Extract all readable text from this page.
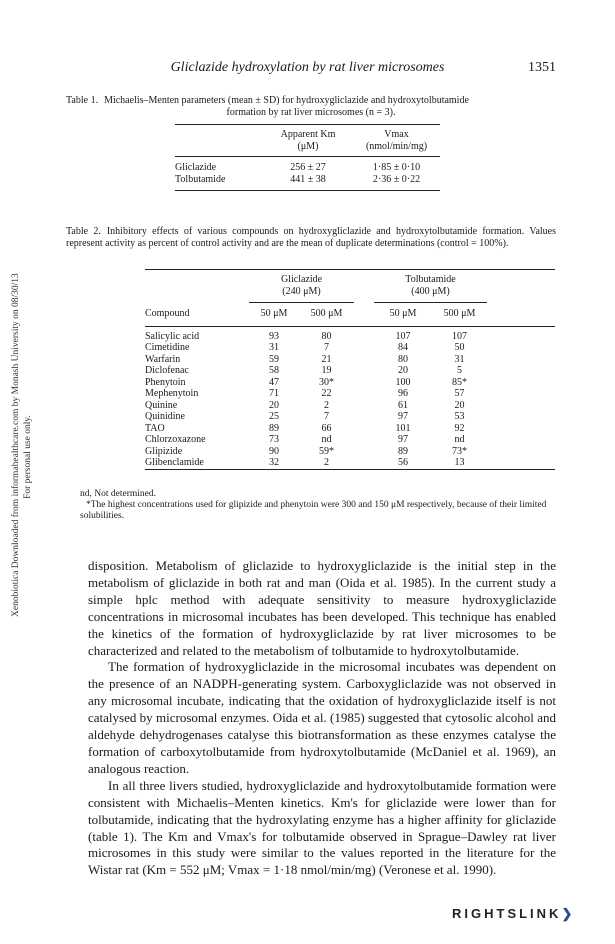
Xenobiotica Downloaded from informahealthcare.com by Monash University on 08/30/13 For personal use only.
Gliclazide hydroxylation by rat liver microsomes	1351
Table 1. Michaelis–Menten parameters (mean ± SD) for hydroxygliclazide and hydroxytolbutamide
formation by rat liver microsomes (n = 3).
	Apparent Km	Vmax
	(μM)	(nmol/min/mg)
Gliclazide	256 ± 27	1·85 ± 0·10
Tolbutamide	441 ± 38	2·36 ± 0·22

Table 2. Inhibitory effects of various compounds on hydroxygliclazide and hydroxytolbutamide formation. Values represent activity as percent of control activity and are the mean of duplicate determinations (control = 100%).
	Gliclazide			Tolbutamide		
	(240 μM)			(400 μM)		

Compound	50 μM	500 μM		50 μM	500 μM	

Salicylic acid	93	80		107	107	
Cimetidine	31	7		84	50	
Warfarin	59	21		80	31	
Diclofenac	58	19		20	5	
Phenytoin	47	30*		100	85*	
Mephenytoin	71	22		96	57	
Quinine	20	2		61	20	
Quinidine	25	7		97	53	
TAO	89	66		101	92	
Chlorzoxazone	73	nd		97	nd	
Glipizide	90	59*		89	73*	
Glibenclamide	32	2		56	13	

nd, Not determined.
*The highest concentrations used for glipizide and phenytoin were 300 and 150 μM respectively, because of their limited solubilities.

disposition. Metabolism of gliclazide to hydroxygliclazide is the initial step in the metabolism of gliclazide in both rat and man (Oida et al. 1985). In the current study a simple hplc method with adequate sensitivity to measure hydroxygliclazide concentrations in microsomal incubates has been developed. This technique has enabled the kinetics of the formation of hydroxygliclazide by rat liver microsomes to be characterized and related to the metabolism of tolbutamide to hydroxytolbutamide.

The formation of hydroxygliclazide in the microsomal incubates was dependent on the presence of an NADPH-generating system. Carboxygliclazide was not observed in any microsomal incubate, indicating that the oxidation of hydroxygliclazide itself is not catalysed by microsomal enzymes. Oida et al. (1985) suggested that cytosolic alcohol and aldehyde dehydrogenases catalyse this biotransformation as these enzymes catalyse the formation of carboxytolbutamide from hydroxytolbutamide (McDaniel et al. 1969), an analogous reaction.

In all three livers studied, hydroxygliclazide and hydroxytolbutamide formation were consistent with Michaelis–Menten kinetics. Km's for gliclazide were lower than for tolbutamide, indicating that the hydroxylating enzyme has a higher affinity for gliclazide (table 1). The Km and Vmax's for tolbutamide observed in Sprague–Dawley rat liver microsomes in this study were similar to the values reported in the literature for the Wistar rat (Km = 552 μM; Vmax = 1·18 nmol/min/mg) (Veronese et al. 1990).

RIGHTSLINK❯
